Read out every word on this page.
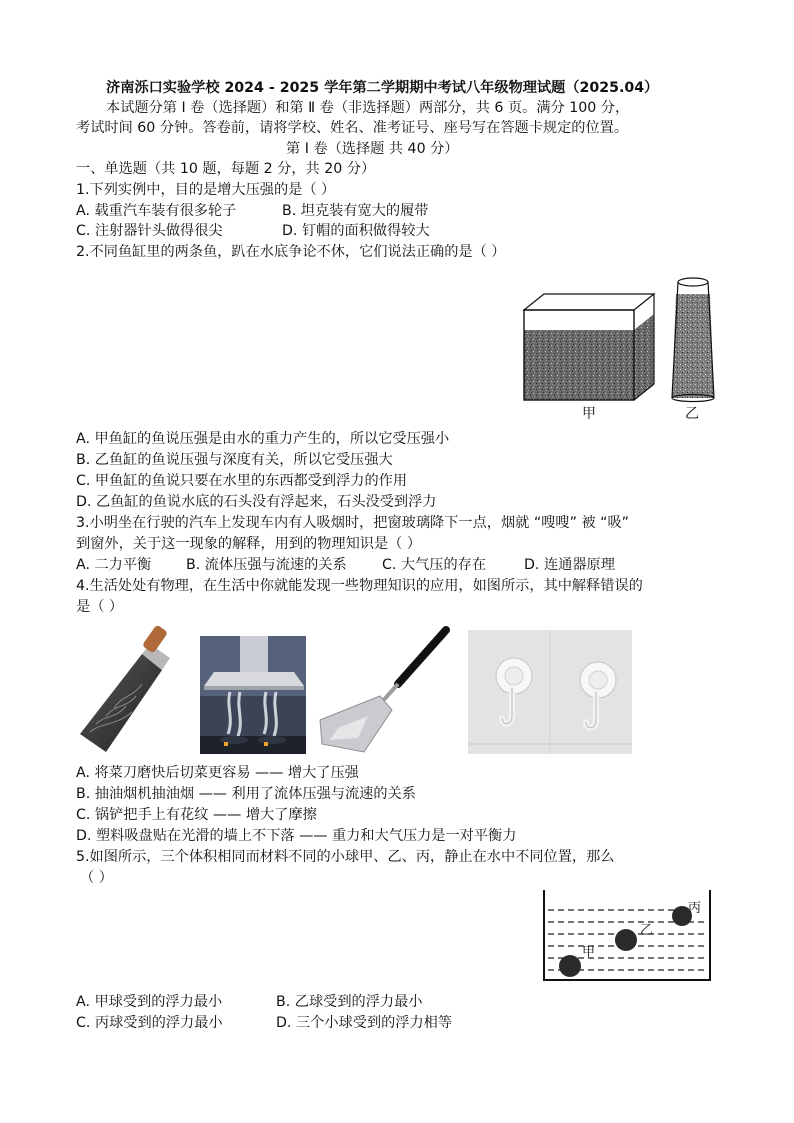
济南泺口实验学校 2024 - 2025 学年第二学期期中考试八年级物理试题（2025.04）
本试题分第 Ⅰ 卷（选择题）和第 Ⅱ 卷（非选择题）两部分，共 6 页。满分 100 分，
考试时间 60 分钟。答卷前，请将学校、姓名、准考证号、座号写在答题卡规定的位置。
第 Ⅰ 卷（选择题 共 40 分）
一、单选题（共 10 题，每题 2 分，共 20 分）
1.下列实例中，目的是增大压强的是（ ）
A. 载重汽车装有很多轮子	B. 坦克装有宽大的履带
C. 注射器针头做得很尖	D. 钉帽的面积做得较大
2.不同鱼缸里的两条鱼，趴在水底争论不休，它们说法正确的是（ ）
甲	乙
A. 甲鱼缸的鱼说压强是由水的重力产生的，所以它受压强小
B. 乙鱼缸的鱼说压强与深度有关，所以它受压强大
C. 甲鱼缸的鱼说只要在水里的东西都受到浮力的作用
D. 乙鱼缸的鱼说水底的石头没有浮起来，石头没受到浮力
3.小明坐在行驶的汽车上发现车内有人吸烟时，把窗玻璃降下一点，烟就 “嗖嗖” 被 “吸”
到窗外，关于这一现象的解释，用到的物理知识是（ ）
A. 二力平衡 B. 流体压强与流速的关系 C. 大气压的存在	D. 连通器原理
4.生活处处有物理，在生活中你就能发现一些物理知识的应用，如图所示，其中解释错误的
是（ ）
A. 将菜刀磨快后切菜更容易 —— 增大了压强
B. 抽油烟机抽油烟 —— 利用了流体压强与流速的关系
C. 锅铲把手上有花纹 —— 增大了摩擦
D. 塑料吸盘贴在光滑的墙上不下落 —— 重力和大气压力是一对平衡力
5.如图所示，三个体积相同而材料不同的小球甲、乙、丙，静止在水中不同位置，那么
（ ）
丙
乙
甲
A. 甲球受到的浮力最小	B. 乙球受到的浮力最小
C. 丙球受到的浮力最小	D. 三个小球受到的浮力相等
